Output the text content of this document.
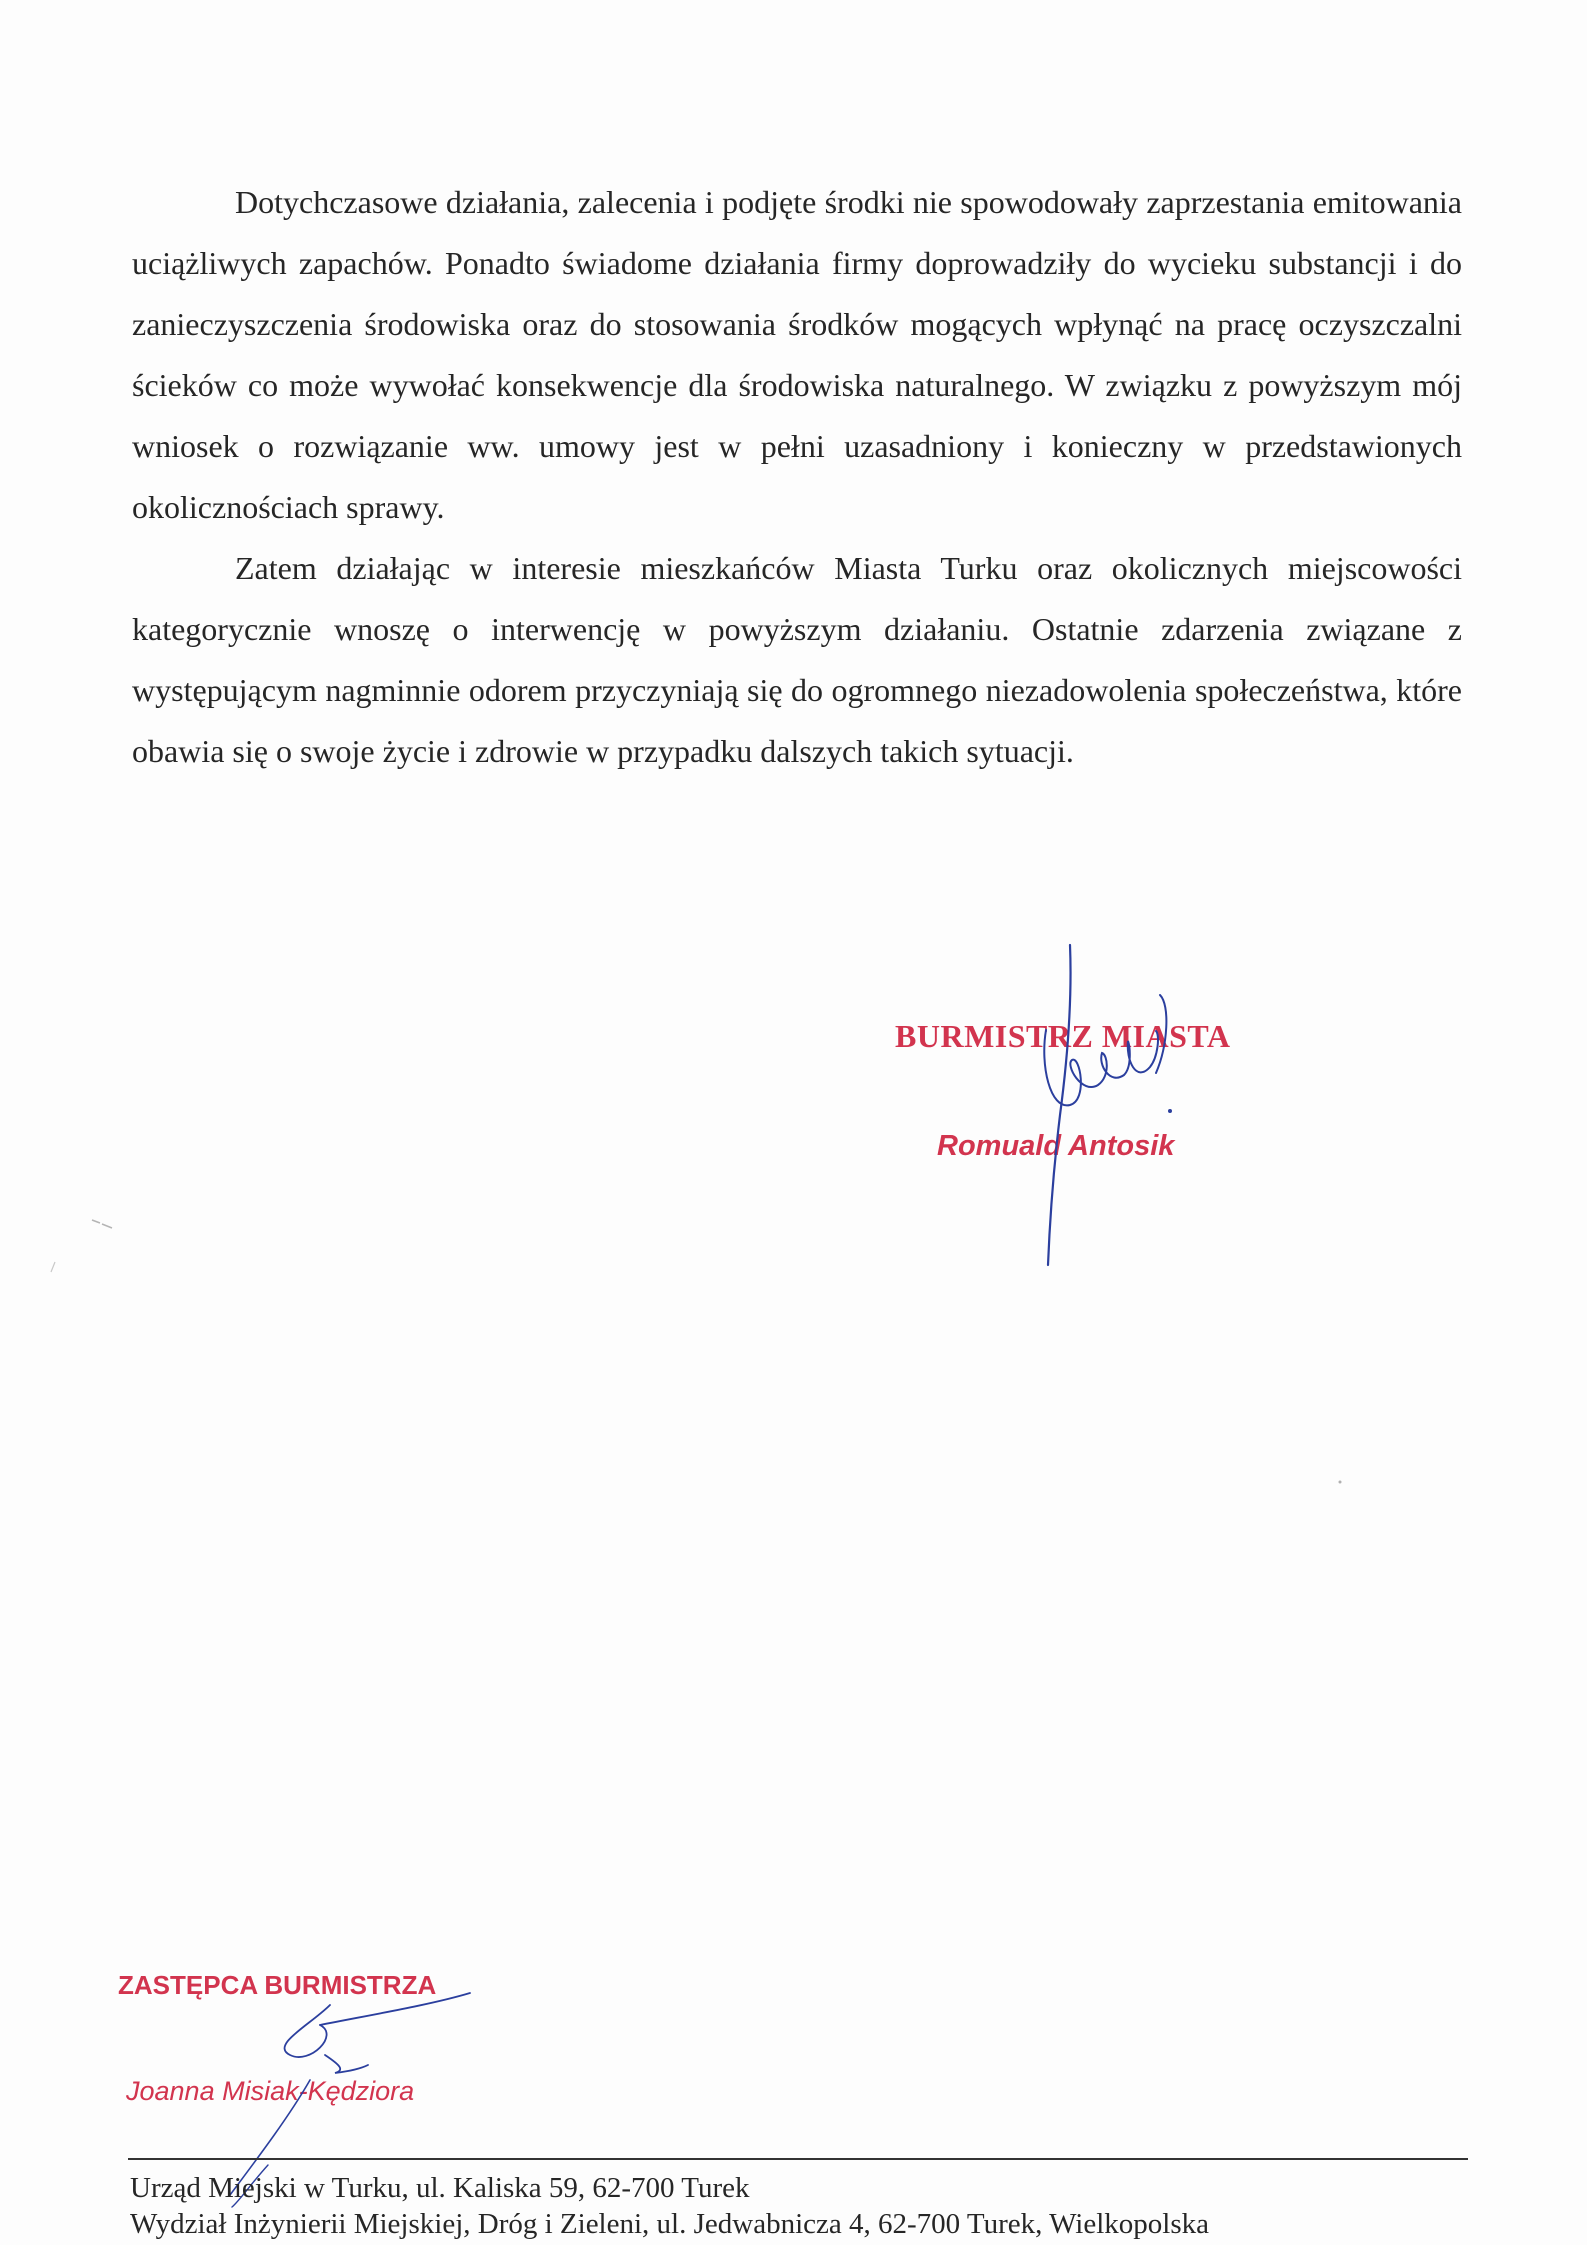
Dotychczasowe działania, zalecenia i podjęte środki nie spowodowały zaprzestania emitowania uciążliwych zapachów. Ponadto świadome działania firmy doprowadziły do wycieku substancji i do zanieczyszczenia środowiska oraz do stosowania środków mogących wpłynąć na pracę oczyszczalni ścieków co może wywołać konsekwencje dla środowiska naturalnego. W związku z powyższym mój wniosek o rozwiązanie ww. umowy jest w pełni uzasadniony i konieczny w przedstawionych okolicznościach sprawy.

Zatem działając w interesie mieszkańców Miasta Turku oraz okolicznych miejscowości kategorycznie wnoszę o interwencję w powyższym działaniu. Ostatnie zdarzenia związane z występującym nagminnie odorem przyczyniają się do ogromnego niezadowolenia społeczeństwa, które obawia się o swoje życie i zdrowie w przypadku dalszych takich sytuacji.

BURMISTRZ MIASTA
Romuald Antosik
ZASTĘPCA BURMISTRZA
Joanna Misiak-Kędziora
Urząd Miejski w Turku, ul. Kaliska 59, 62-700 Turek
Wydział Inżynierii Miejskiej, Dróg i Zieleni, ul. Jedwabnicza 4, 62-700 Turek, Wielkopolska
